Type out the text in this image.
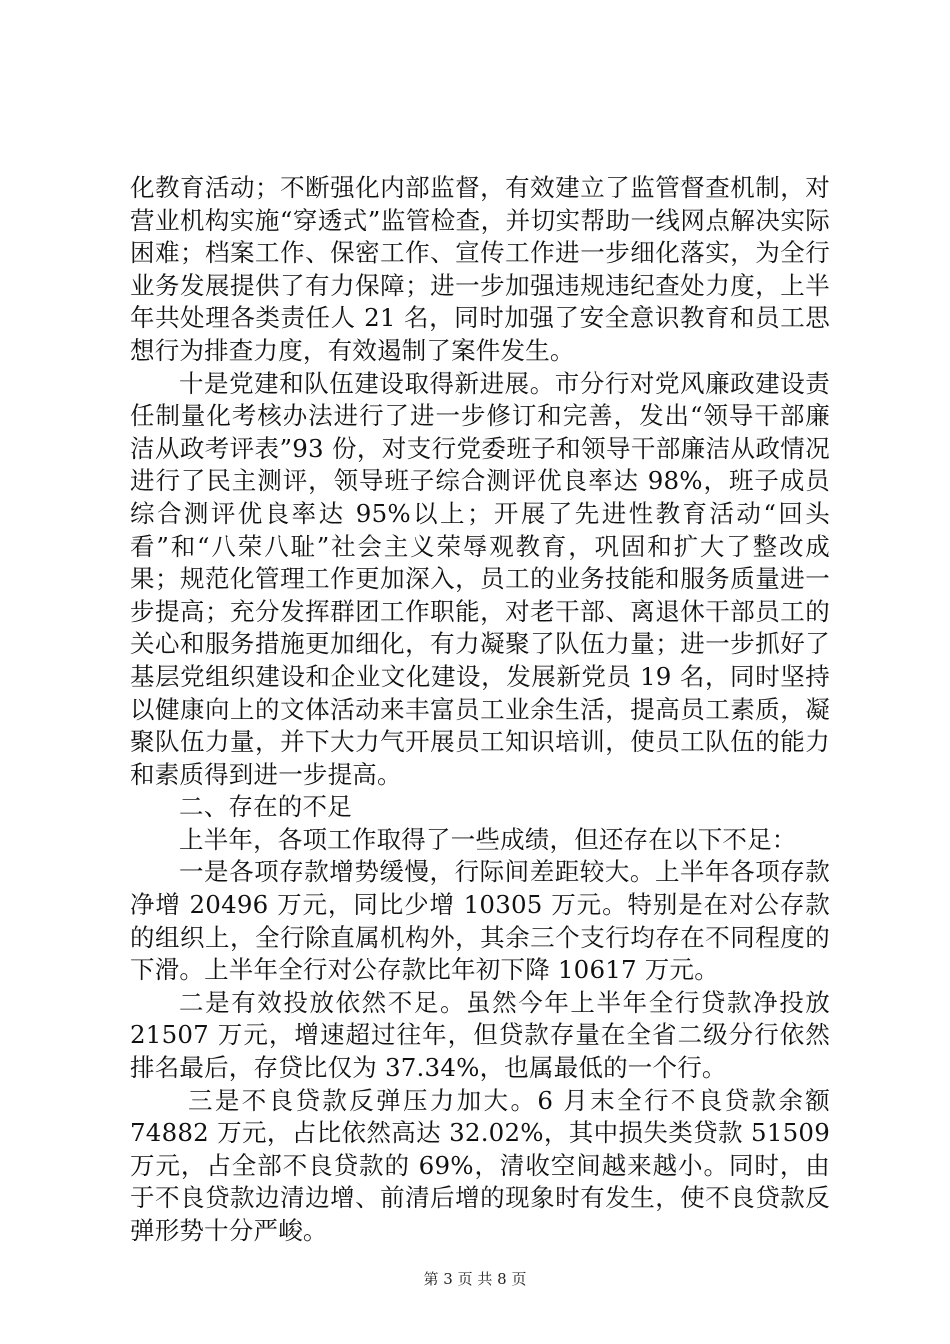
化教育活动；不断强化内部监督，有效建立了监管督查机制，对营业机构实施“穿透式”监管检查，并切实帮助一线网点解决实际困难；档案工作、保密工作、宣传工作进一步细化落实，为全行业务发展提供了有力保障；进一步加强违规违纪查处力度，上半年共处理各类责任人 21 名，同时加强了安全意识教育和员工思想行为排查力度，有效遏制了案件发生。

十是党建和队伍建设取得新进展。市分行对党风廉政建设责任制量化考核办法进行了进一步修订和完善，发出“领导干部廉洁从政考评表”93 份，对支行党委班子和领导干部廉洁从政情况进行了民主测评，领导班子综合测评优良率达 98%，班子成员综合测评优良率达 95%以上；开展了先进性教育活动“回头看”和“八荣八耻”社会主义荣辱观教育，巩固和扩大了整改成果；规范化管理工作更加深入，员工的业务技能和服务质量进一步提高；充分发挥群团工作职能，对老干部、离退休干部员工的关心和服务措施更加细化，有力凝聚了队伍力量；进一步抓好了基层党组织建设和企业文化建设，发展新党员 19 名，同时坚持以健康向上的文体活动来丰富员工业余生活，提高员工素质，凝聚队伍力量，并下大力气开展员工知识培训，使员工队伍的能力和素质得到进一步提高。

二、存在的不足

上半年，各项工作取得了一些成绩，但还存在以下不足：

一是各项存款增势缓慢，行际间差距较大。上半年各项存款净增 20496 万元，同比少增 10305 万元。特别是在对公存款的组织上，全行除直属机构外，其余三个支行均存在不同程度的下滑。上半年全行对公存款比年初下降 10617 万元。

二是有效投放依然不足。虽然今年上半年全行贷款净投放 21507 万元，增速超过往年，但贷款存量在全省二级分行依然排名最后，存贷比仅为 37.34%，也属最低的一个行。

三是不良贷款反弹压力加大。6 月末全行不良贷款余额 74882 万元，占比依然高达 32.02%，其中损失类贷款 51509 万元，占全部不良贷款的 69%，清收空间越来越小。同时，由于不良贷款边清边增、前清后增的现象时有发生，使不良贷款反弹形势十分严峻。

第 3 页 共 8 页
